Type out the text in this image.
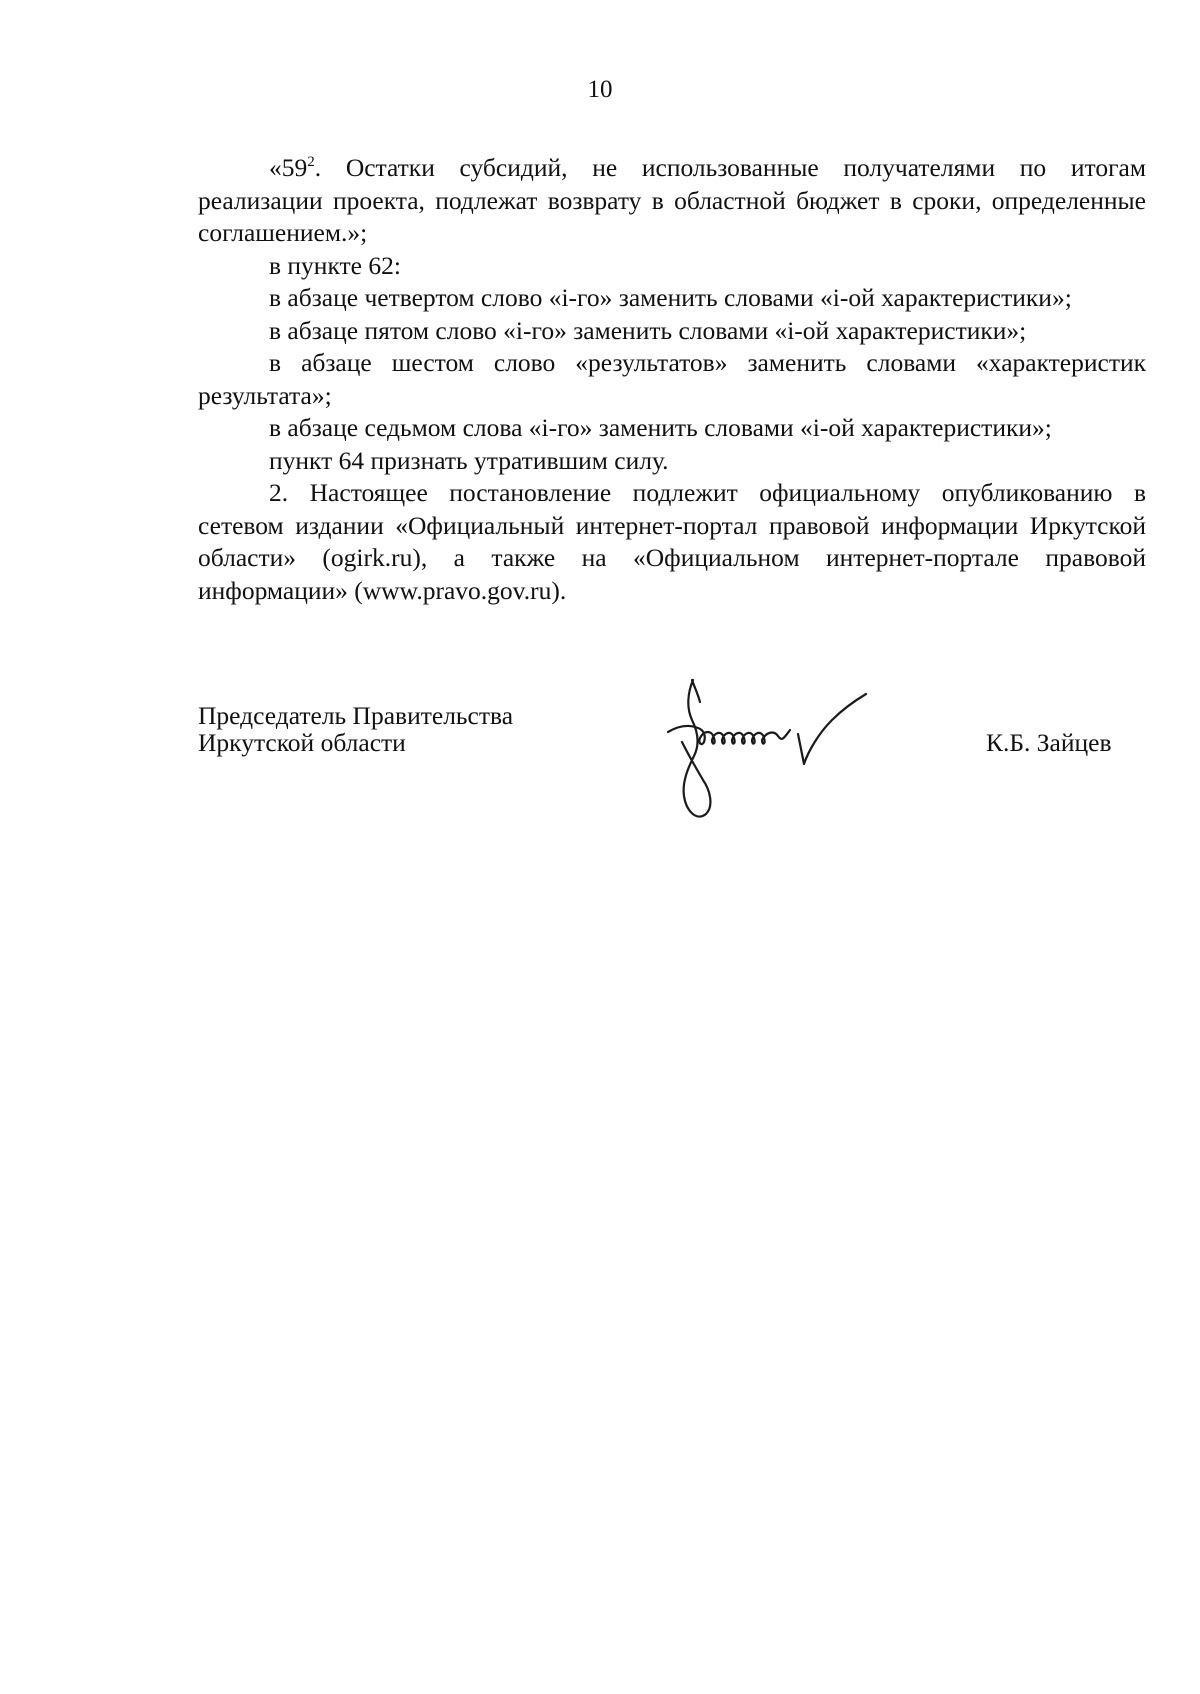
10

«$59^2$. Остатки субсидий, не использованные получателями по итогам реализации проекта, подлежат возврату в областной бюджет в сроки, определенные соглашением.»;

в пункте 62:

в абзаце четвертом слово «i-го» заменить словами «i-ой характеристики»;

в абзаце пятом слово «i-го» заменить словами «i-ой характеристики»;

в абзаце шестом слово «результатов» заменить словами «характеристик результата»;

в абзаце седьмом слова «i-го» заменить словами «i-ой характеристики»;

пункт 64 признать утратившим силу.

2. Настоящее постановление подлежит официальному опубликованию в сетевом издании «Официальный интернет-портал правовой информации Иркутской области» (ogirk.ru), а также на «Официальном интернет-портале правовой информации» (www.pravo.gov.ru).

Председатель Правительства
Иркутской области	К.Б. Зайцев
